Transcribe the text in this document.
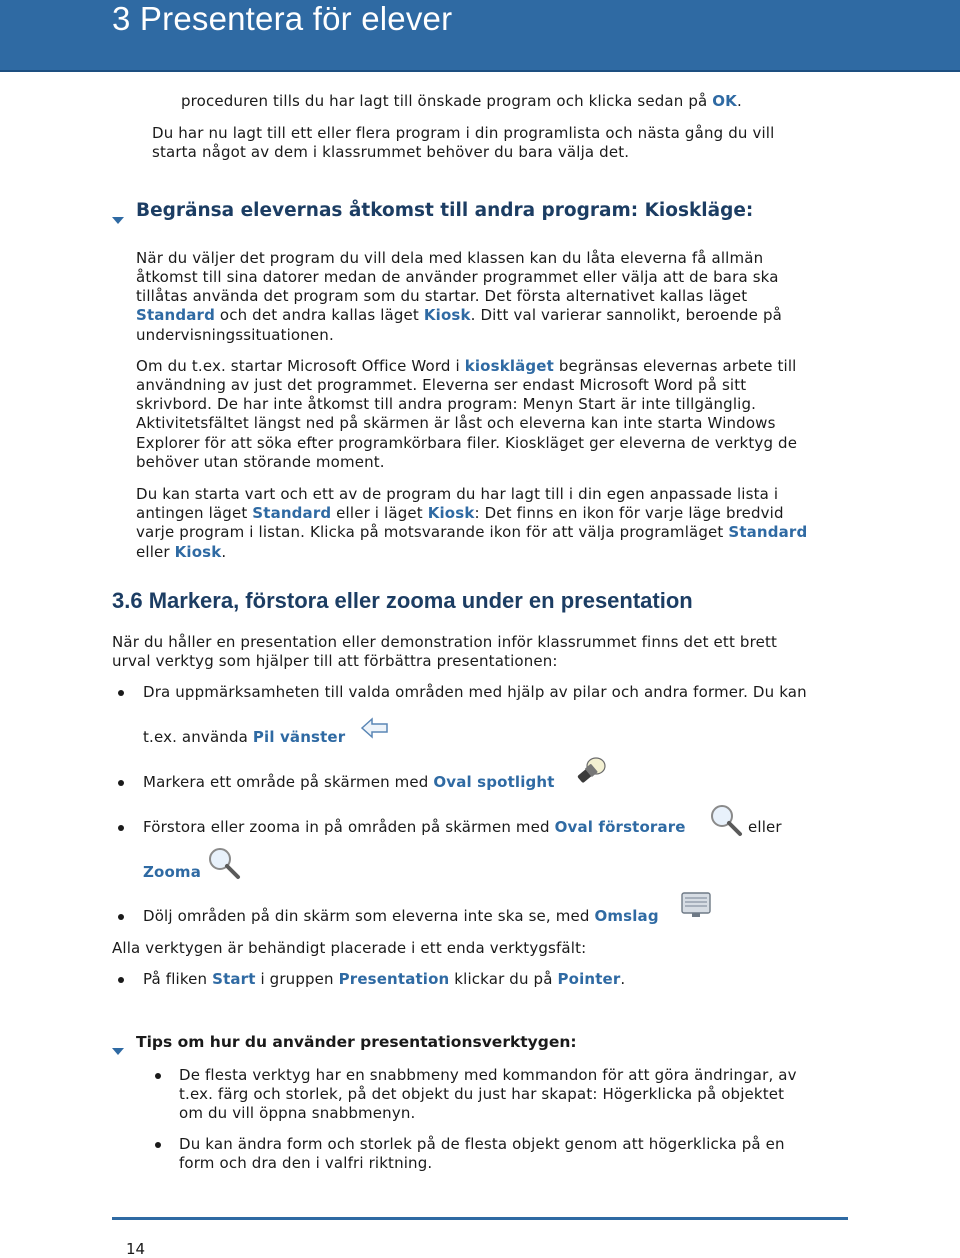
3 Presentera för elever
proceduren tills du har lagt till önskade program och klicka sedan på OK.
Du har nu lagt till ett eller flera program i din programlista och nästa gång du vill
starta något av dem i klassrummet behöver du bara välja det.
Begränsa elevernas åtkomst till andra program: Kioskläge:
När du väljer det program du vill dela med klassen kan du låta eleverna få allmän
åtkomst till sina datorer medan de använder programmet eller välja att de bara ska
tillåtas använda det program som du startar. Det första alternativet kallas läget
Standard och det andra kallas läget Kiosk. Ditt val varierar sannolikt, beroende på
undervisningssituationen.
Om du t.ex. startar Microsoft Office Word i kioskläget begränsas elevernas arbete till
användning av just det programmet. Eleverna ser endast Microsoft Word på sitt
skrivbord. De har inte åtkomst till andra program: Menyn Start är inte tillgänglig.
Aktivitetsfältet längst ned på skärmen är låst och eleverna kan inte starta Windows
Explorer för att söka efter programkörbara filer. Kioskläget ger eleverna de verktyg de
behöver utan störande moment.
Du kan starta vart och ett av de program du har lagt till i din egen anpassade lista i
antingen läget Standard eller i läget Kiosk: Det finns en ikon för varje läge bredvid
varje program i listan. Klicka på motsvarande ikon för att välja programläget Standard
eller Kiosk.
3.6 Markera, förstora eller zooma under en presentation
När du håller en presentation eller demonstration inför klassrummet finns det ett brett
urval verktyg som hjälper till att förbättra presentationen:
Dra uppmärksamheten till valda områden med hjälp av pilar och andra former. Du kan
t.ex. använda Pil vänster
Markera ett område på skärmen med Oval spotlight
Förstora eller zooma in på områden på skärmen med Oval förstorare	eller
Zooma
Dölj områden på din skärm som eleverna inte ska se, med Omslag
Alla verktygen är behändigt placerade i ett enda verktygsfält:
På fliken Start i gruppen Presentation klickar du på Pointer.
Tips om hur du använder presentationsverktygen:
De flesta verktyg har en snabbmeny med kommandon för att göra ändringar, av
t.ex. färg och storlek, på det objekt du just har skapat: Högerklicka på objektet
om du vill öppna snabbmenyn.
Du kan ändra form och storlek på de flesta objekt genom att högerklicka på en
form och dra den i valfri riktning.
14
